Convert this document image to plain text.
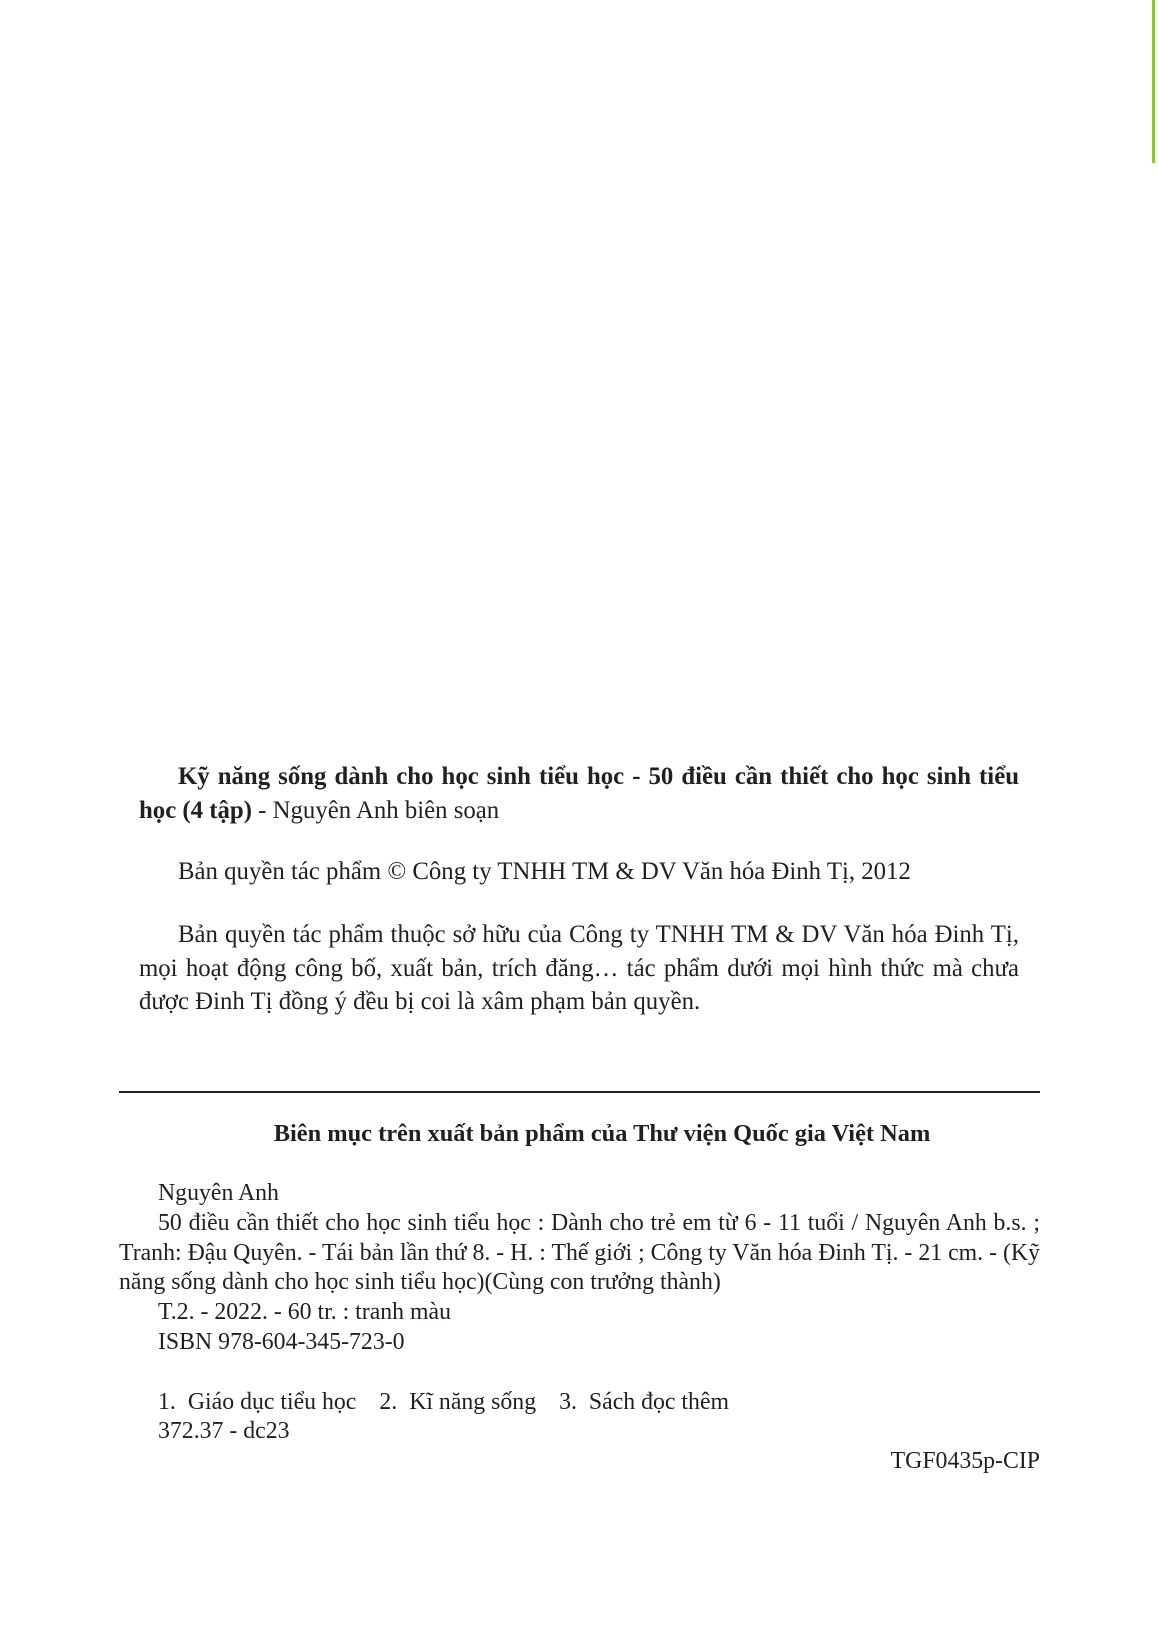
Kỹ năng sống dành cho học sinh tiểu học - 50 điều cần thiết cho học sinh tiểu
học (4 tập) - Nguyên Anh biên soạn
Bản quyền tác phẩm © Công ty TNHH TM & DV Văn hóa Đinh Tị, 2012
Bản quyền tác phẩm thuộc sở hữu của Công ty TNHH TM & DV Văn hóa Đinh Tị,
mọi hoạt động công bố, xuất bản, trích đăng… tác phẩm dưới mọi hình thức mà chưa
được Đinh Tị đồng ý đều bị coi là xâm phạm bản quyền.
Biên mục trên xuất bản phẩm của Thư viện Quốc gia Việt Nam
Nguyên Anh
50 điều cần thiết cho học sinh tiểu học : Dành cho trẻ em từ 6 - 11 tuổi / Nguyên Anh b.s. ;
Tranh: Đậu Quyên. - Tái bản lần thứ 8. - H. : Thế giới ; Công ty Văn hóa Đinh Tị. - 21 cm. - (Kỹ
năng sống dành cho học sinh tiểu học)(Cùng con trưởng thành)
T.2. - 2022. - 60 tr. : tranh màu
ISBN 978-604-345-723-0
1. Giáo dục tiểu học 2. Kĩ năng sống 3. Sách đọc thêm
372.37 - dc23
TGF0435p-CIP
